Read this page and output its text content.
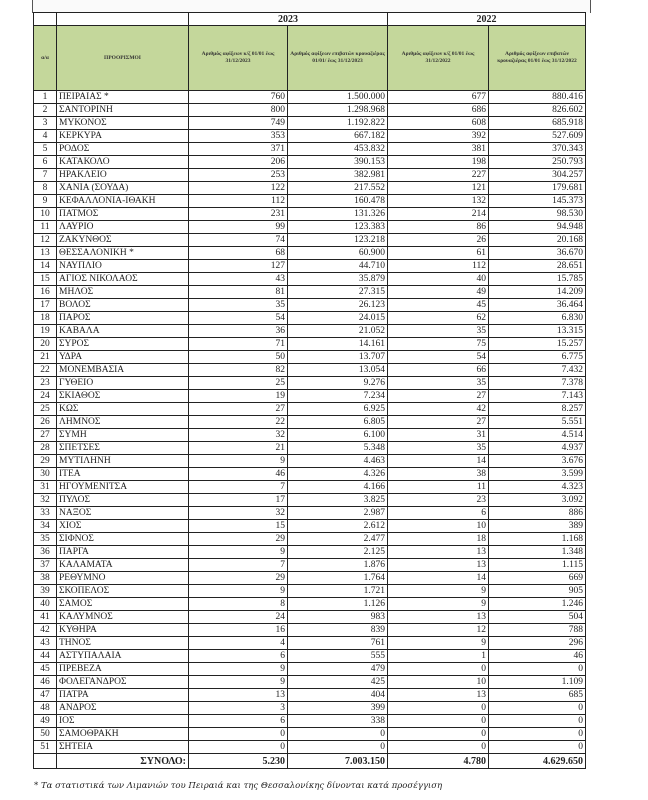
		2023		2022	
α/α	ΠΡΟΟΡΙΣΜΟΙ	Αριθμός αφίξεων κ/ζ 01/01 έως 31/12/2023	Αριθμός αφίξεων επιβατών κρουαζιέρας 01/01/ έως 31/12/2023	Αριθμός αφίξεων κ/ζ 01/01 έως 31/12/2022	Αριθμός αφίξεων επιβατών κρουαζιέρας 01/01 έως 31/12/2022
1	ΠΕΙΡΑΙΑΣ *	760	1.500.000	677	880.416
2	ΣΑΝΤΟΡΙΝΗ	800	1.298.968	686	826.602
3	ΜΥΚΟΝΟΣ	749	1.192.822	608	685.918
4	ΚΕΡΚΥΡΑ	353	667.182	392	527.609
5	ΡΟΔΟΣ	371	453.832	381	370.343
6	ΚΑΤΑΚΟΛΟ	206	390.153	198	250.793
7	ΗΡΑΚΛΕΙΟ	253	382.981	227	304.257
8	ΧΑΝΙΑ (ΣΟΥΔΑ)	122	217.552	121	179.681
9	ΚΕΦΑΛΛΟΝΙΑ-ΙΘΑΚΗ	112	160.478	132	145.373
10	ΠΑΤΜΟΣ	231	131.326	214	98.530
11	ΛΑΥΡΙΟ	99	123.383	86	94.948
12	ΖΑΚΥΝΘΟΣ	74	123.218	26	20.168
13	ΘΕΣΣΑΛΟΝΙΚΗ *	68	60.900	61	36.670
14	ΝΑΥΠΛΙΟ	127	44.710	112	28.651
15	ΑΓΙΟΣ ΝΙΚΟΛΑΟΣ	43	35.879	40	15.785
16	ΜΗΛΟΣ	81	27.315	49	14.209
17	ΒΟΛΟΣ	35	26.123	45	36.464
18	ΠΑΡΟΣ	54	24.015	62	6.830
19	ΚΑΒΑΛΑ	36	21.052	35	13.315
20	ΣΥΡΟΣ	71	14.161	75	15.257
21	ΥΔΡΑ	50	13.707	54	6.775
22	ΜΟΝΕΜΒΑΣΙΑ	82	13.054	66	7.432
23	ΓΥΘΕΙΟ	25	9.276	35	7.378
24	ΣΚΙΑΘΟΣ	19	7.234	27	7.143
25	ΚΩΣ	27	6.925	42	8.257
26	ΛΗΜΝΟΣ	22	6.805	27	5.551
27	ΣΥΜΗ	32	6.100	31	4.514
28	ΣΠΕΤΣΕΣ	21	5.348	35	4.937
29	ΜΥΤΙΛΗΝΗ	9	4.463	14	3.676
30	ΙΤΕΑ	46	4.326	38	3.599
31	ΗΓΟΥΜΕΝΙΤΣΑ	7	4.166	11	4.323
32	ΠΥΛΟΣ	17	3.825	23	3.092
33	ΝΑΞΟΣ	32	2.987	6	886
34	ΧΙΟΣ	15	2.612	10	389
35	ΣΙΦΝΟΣ	29	2.477	18	1.168
36	ΠΑΡΓΑ	9	2.125	13	1.348
37	ΚΑΛΑΜΑΤΑ	7	1.876	13	1.115
38	ΡΕΘΥΜΝΟ	29	1.764	14	669
39	ΣΚΟΠΕΛΟΣ	9	1.721	9	905
40	ΣΑΜΟΣ	8	1.126	9	1.246
41	ΚΑΛΥΜΝΟΣ	24	983	13	504
42	ΚΥΘΗΡΑ	16	839	12	788
43	ΤΗΝΟΣ	4	761	9	296
44	ΑΣΤΥΠΑΛΑΙΑ	6	555	1	46
45	ΠΡΕΒΕΖΑ	9	479	0	0
46	ΦΟΛΕΓΑΝΔΡΟΣ	9	425	10	1.109
47	ΠΑΤΡΑ	13	404	13	685
48	ΑΝΔΡΟΣ	3	399	0	0
49	ΙΟΣ	6	338	0	0
50	ΣΑΜΟΘΡΑΚΗ	0	0	0	0
51	ΣΗΤΕΙΑ	0	0	0	0
	ΣΥΝΟΛΟ:	5.230	7.003.150	4.780	4.629.650
* Τα στατιστικά των Λιμανιών του Πειραιά και της Θεσσαλονίκης δίνονται κατά προσέγγιση
